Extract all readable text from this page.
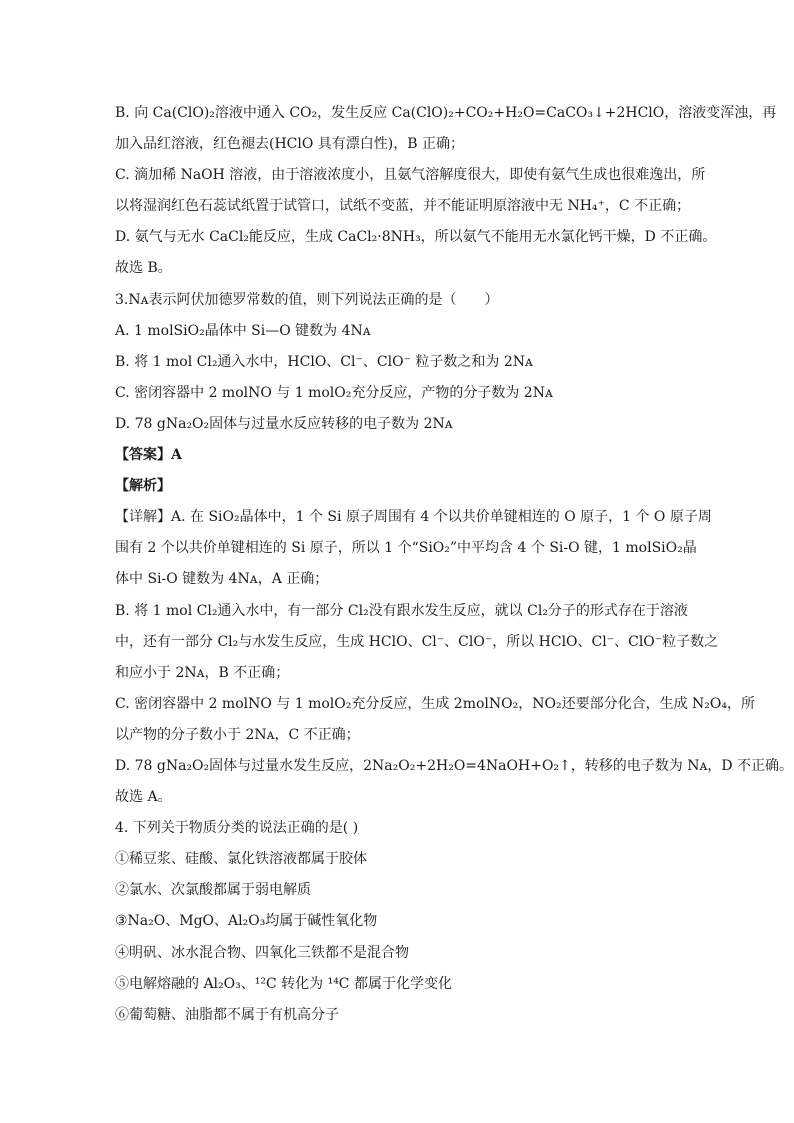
B. 向 Ca(ClO)₂溶液中通入 CO₂，发生反应 Ca(ClO)₂+CO₂+H₂O=CaCO₃↓+2HClO，溶液变浑浊，再
加入品红溶液，红色褪去(HClO 具有漂白性)，B 正确；
C. 滴加稀 NaOH 溶液，由于溶液浓度小，且氨气溶解度很大，即使有氨气生成也很难逸出，所
以将湿润红色石蕊试纸置于试管口，试纸不变蓝，并不能证明原溶液中无 NH₄⁺，C 不正确；
D. 氨气与无水 CaCl₂能反应，生成 CaCl₂·8NH₃，所以氨气不能用无水氯化钙干燥，D 不正确。
故选 B。
3.Nᴀ表示阿伏加德罗常数的值，则下列说法正确的是（　　）
A. 1 molSiO₂晶体中 Si—O 键数为 4Nᴀ
B. 将 1 mol Cl₂通入水中，HClO、Cl⁻、ClO⁻ 粒子数之和为 2Nᴀ
C. 密闭容器中 2 molNO 与 1 molO₂充分反应，产物的分子数为 2Nᴀ
D. 78 gNa₂O₂固体与过量水反应转移的电子数为 2Nᴀ
【答案】A
【解析】
【详解】A. 在 SiO₂晶体中，1 个 Si 原子周围有 4 个以共价单键相连的 O 原子，1 个 O 原子周
围有 2 个以共价单键相连的 Si 原子，所以 1 个“SiO₂”中平均含 4 个 Si-O 键，1 molSiO₂晶
体中 Si-O 键数为 4Nᴀ，A 正确；
B. 将 1 mol Cl₂通入水中，有一部分 Cl₂没有跟水发生反应，就以 Cl₂分子的形式存在于溶液
中，还有一部分 Cl₂与水发生反应，生成 HClO、Cl⁻、ClO⁻，所以 HClO、Cl⁻、ClO⁻粒子数之
和应小于 2Nᴀ，B 不正确；
C. 密闭容器中 2 molNO 与 1 molO₂充分反应，生成 2molNO₂，NO₂还要部分化合，生成 N₂O₄，所
以产物的分子数小于 2Nᴀ，C 不正确；
D. 78 gNa₂O₂固体与过量水发生反应，2Na₂O₂+2H₂O=4NaOH+O₂↑，转移的电子数为 Nᴀ，D 不正确。
故选 A。
4. 下列关于物质分类的说法正确的是( )
①稀豆浆、硅酸、氯化铁溶液都属于胶体
②氯水、次氯酸都属于弱电解质
③Na₂O、MgO、Al₂O₃均属于碱性氧化物
④明矾、冰水混合物、四氧化三铁都不是混合物
⑤电解熔融的 Al₂O₃、¹²C 转化为 ¹⁴C 都属于化学变化
⑥葡萄糖、油脂都不属于有机高分子
